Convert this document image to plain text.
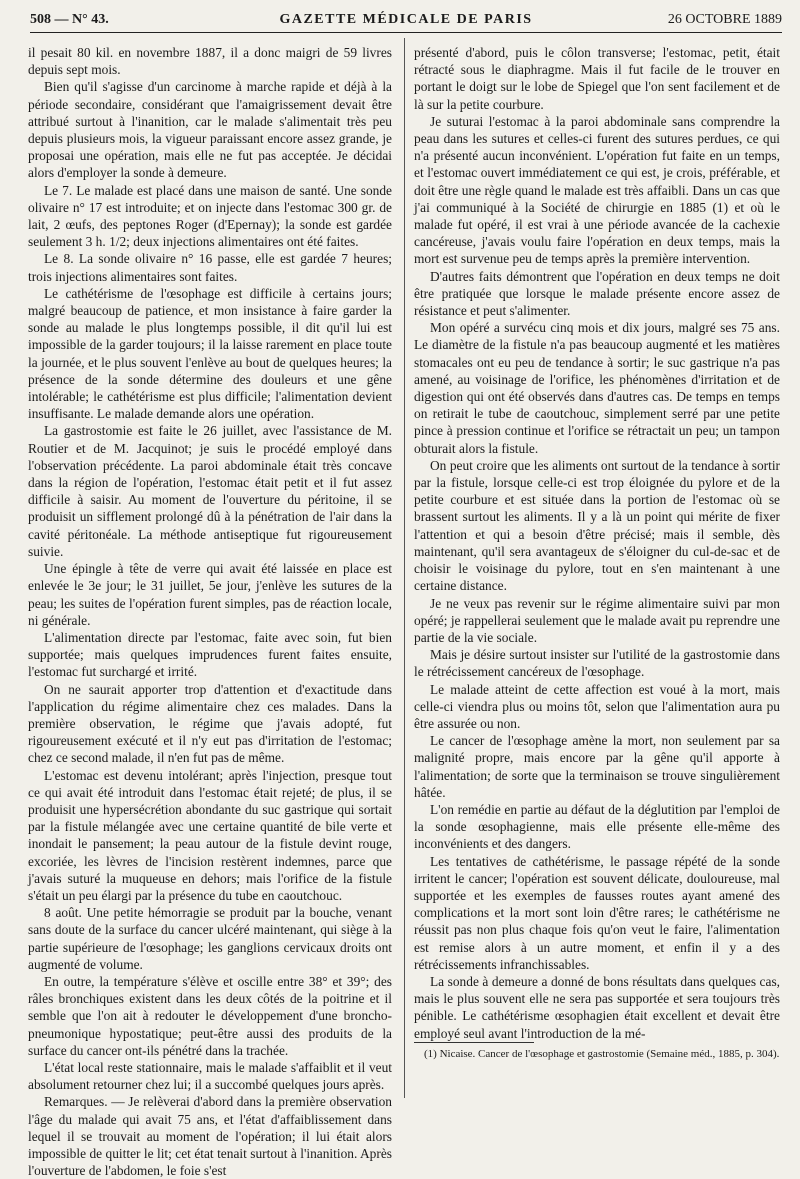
508 — N° 43.	GAZETTE MÉDICALE DE PARIS	26 OCTOBRE 1889

il pesait 80 kil. en novembre 1887, il a donc maigri de 59 livres depuis sept mois.

Bien qu'il s'agisse d'un carcinome à marche rapide et déjà à la période secondaire, considérant que l'amaigrissement devait être attribué surtout à l'inanition, car le malade s'alimentait très peu depuis plusieurs mois, la vigueur paraissant encore assez grande, je proposai une opération, mais elle ne fut pas acceptée. Je décidai alors d'employer la sonde à demeure.

Le 7. Le malade est placé dans une maison de santé. Une sonde olivaire n° 17 est introduite; et on injecte dans l'estomac 300 gr. de lait, 2 œufs, des peptones Roger (d'Epernay); la sonde est gardée seulement 3 h. 1/2; deux injections alimentaires ont été faites.

Le 8. La sonde olivaire n° 16 passe, elle est gardée 7 heures; trois injections alimentaires sont faites.

Le cathétérisme de l'œsophage est difficile à certains jours; malgré beaucoup de patience, et mon insistance à faire garder la sonde au malade le plus longtemps possible, il dit qu'il lui est impossible de la garder toujours; il la laisse rarement en place toute la journée, et le plus souvent l'enlève au bout de quelques heures; la présence de la sonde détermine des douleurs et une gêne intolérable; le cathétérisme est plus difficile; l'alimentation devient insuffisante. Le malade demande alors une opération.

La gastrostomie est faite le 26 juillet, avec l'assistance de M. Routier et de M. Jacquinot; je suis le procédé employé dans l'observation précédente. La paroi abdominale était très concave dans la région de l'opération, l'estomac était petit et il fut assez difficile à saisir. Au moment de l'ouverture du péritoine, il se produisit un sifflement prolongé dû à la pénétration de l'air dans la cavité péritonéale. La méthode antiseptique fut rigoureusement suivie.

Une épingle à tête de verre qui avait été laissée en place est enlevée le 3e jour; le 31 juillet, 5e jour, j'enlève les sutures de la peau; les suites de l'opération furent simples, pas de réaction locale, ni générale.

L'alimentation directe par l'estomac, faite avec soin, fut bien supportée; mais quelques imprudences furent faites ensuite, l'estomac fut surchargé et irrité.

On ne saurait apporter trop d'attention et d'exactitude dans l'application du régime alimentaire chez ces malades. Dans la première observation, le régime que j'avais adopté, fut rigoureusement exécuté et il n'y eut pas d'irritation de l'estomac; chez ce second malade, il n'en fut pas de même.

L'estomac est devenu intolérant; après l'injection, presque tout ce qui avait été introduit dans l'estomac était rejeté; de plus, il se produisit une hypersécrétion abondante du suc gastrique qui sortait par la fistule mélangée avec une certaine quantité de bile verte et inondait le pansement; la peau autour de la fistule devint rouge, excoriée, les lèvres de l'incision restèrent indemnes, parce que j'avais suturé la muqueuse en dehors; mais l'orifice de la fistule s'était un peu élargi par la présence du tube en caoutchouc.

8 août. Une petite hémorragie se produit par la bouche, venant sans doute de la surface du cancer ulcéré maintenant, qui siège à la partie supérieure de l'œsophage; les ganglions cervicaux droits ont augmenté de volume.

En outre, la température s'élève et oscille entre 38° et 39°; des râles bronchiques existent dans les deux côtés de la poitrine et il semble que l'on ait à redouter le développement d'une broncho-pneumonique hypostatique; peut-être aussi des produits de la surface du cancer ont-ils pénétré dans la trachée.

L'état local reste stationnaire, mais le malade s'affaiblit et il veut absolument retourner chez lui; il a succombé quelques jours après.

Remarques. — Je relèverai d'abord dans la première observation l'âge du malade qui avait 75 ans, et l'état d'affaiblissement dans lequel il se trouvait au moment de l'opération; il lui était alors impossible de quitter le lit; cet état tenait surtout à l'inanition. Après l'ouverture de l'abdomen, le foie s'est

présenté d'abord, puis le côlon transverse; l'estomac, petit, était rétracté sous le diaphragme. Mais il fut facile de le trouver en portant le doigt sur le lobe de Spiegel que l'on sent facilement et de là sur la petite courbure.

Je suturai l'estomac à la paroi abdominale sans comprendre la peau dans les sutures et celles-ci furent des sutures perdues, ce qui n'a présenté aucun inconvénient. L'opération fut faite en un temps, et l'estomac ouvert immédiatement ce qui est, je crois, préférable, et doit être une règle quand le malade est très affaibli. Dans un cas que j'ai communiqué à la Société de chirurgie en 1885 (1) et où le malade fut opéré, il est vrai à une période avancée de la cachexie cancéreuse, j'avais voulu faire l'opération en deux temps, mais la mort est survenue peu de temps après la première intervention.

D'autres faits démontrent que l'opération en deux temps ne doit être pratiquée que lorsque le malade présente encore assez de résistance et peut s'alimenter.

Mon opéré a survécu cinq mois et dix jours, malgré ses 75 ans. Le diamètre de la fistule n'a pas beaucoup augmenté et les matières stomacales ont eu peu de tendance à sortir; le suc gastrique n'a pas amené, au voisinage de l'orifice, les phénomènes d'irritation et de digestion qui ont été observés dans d'autres cas. De temps en temps on retirait le tube de caoutchouc, simplement serré par une petite pince à pression continue et l'orifice se rétractait un peu; un tampon obturait alors la fistule.

On peut croire que les aliments ont surtout de la tendance à sortir par la fistule, lorsque celle-ci est trop éloignée du pylore et de la petite courbure et est située dans la portion de l'estomac où se brassent surtout les aliments. Il y a là un point qui mérite de fixer l'attention et qui a besoin d'être précisé; mais il semble, dès maintenant, qu'il sera avantageux de s'éloigner du cul-de-sac et de choisir le voisinage du pylore, tout en s'en maintenant à une certaine distance.

Je ne veux pas revenir sur le régime alimentaire suivi par mon opéré; je rappellerai seulement que le malade avait pu reprendre une partie de la vie sociale.

Mais je désire surtout insister sur l'utilité de la gastrostomie dans le rétrécissement cancéreux de l'œsophage.

Le malade atteint de cette affection est voué à la mort, mais celle-ci viendra plus ou moins tôt, selon que l'alimentation aura pu être assurée ou non.

Le cancer de l'œsophage amène la mort, non seulement par sa malignité propre, mais encore par la gêne qu'il apporte à l'alimentation; de sorte que la terminaison se trouve singulièrement hâtée.

L'on remédie en partie au défaut de la déglutition par l'emploi de la sonde œsophagienne, mais elle présente elle-même des inconvénients et des dangers.

Les tentatives de cathétérisme, le passage répété de la sonde irritent le cancer; l'opération est souvent délicate, douloureuse, mal supportée et les exemples de fausses routes ayant amené des complications et la mort sont loin d'être rares; le cathétérisme ne réussit pas non plus chaque fois qu'on veut le faire, l'alimentation est remise alors à un autre moment, et enfin il y a des rétrécissements infranchissables.

La sonde à demeure a donné de bons résultats dans quelques cas, mais le plus souvent elle ne sera pas supportée et sera toujours très pénible. Le cathétérisme œsophagien était excellent et devait être employé seul avant l'introduction de la mé-

(1) Nicaise. Cancer de l'œsophage et gastrostomie (Semaine méd., 1885, p. 304).
